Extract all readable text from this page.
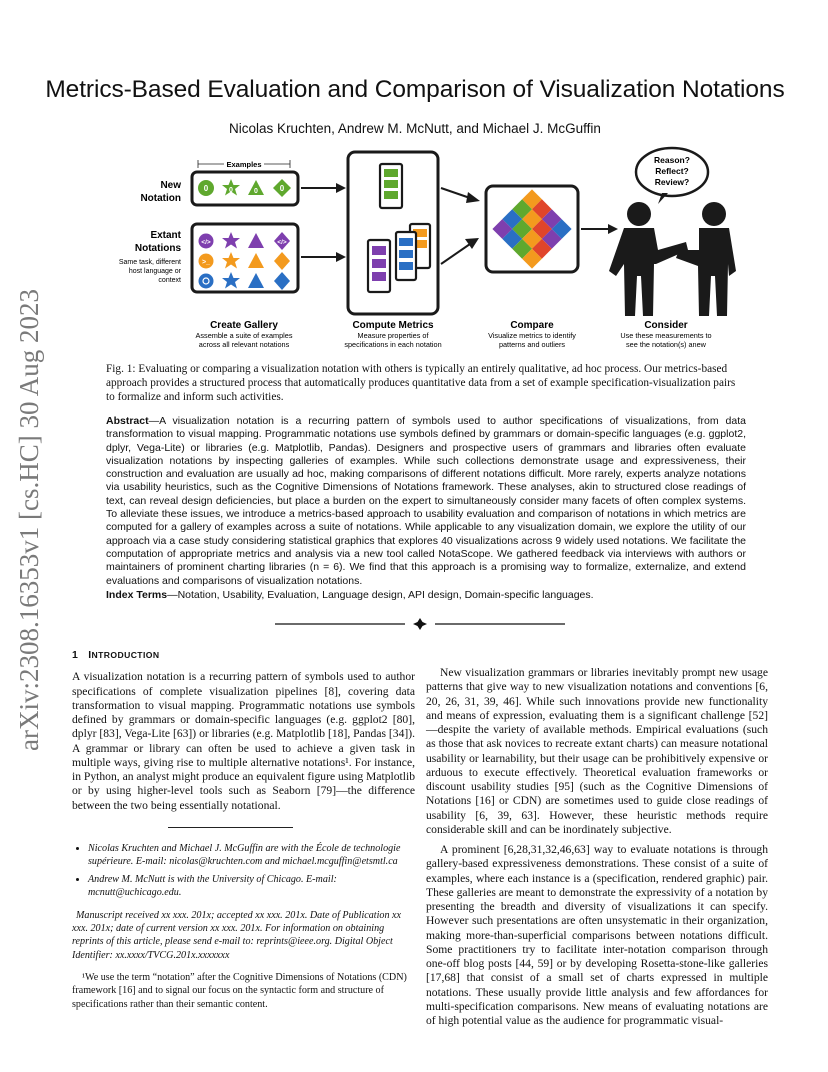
arXiv:2308.16353v1 [cs.HC] 30 Aug 2023
Metrics-Based Evaluation and Comparison of Visualization Notations
Nicolas Kruchten, Andrew M. McNutt, and Michael J. McGuffin
Examples
New
Notation
Extant
Notations
Same task, different
host language or
context
0	0	0	0
</>	</>
>_
Reason?
Reflect?
Review?
Create Gallery
Assemble a suite of examples
across all relevant notations
Compute Metrics
Measure properties of
specifications in each notation
Compare
Visualize metrics to identify
patterns and outliers
Consider
Use these measurements to
see the notation(s) anew
Fig. 1: Evaluating or comparing a visualization notation with others is typically an entirely qualitative, ad hoc process. Our metrics-based approach provides a structured process that automatically produces quantitative data from a set of example specification-visualization pairs to formalize and inform such activities.
Abstract—A visualization notation is a recurring pattern of symbols used to author specifications of visualizations, from data transformation to visual mapping. Programmatic notations use symbols defined by grammars or domain-specific languages (e.g. ggplot2, dplyr, Vega-Lite) or libraries (e.g. Matplotlib, Pandas). Designers and prospective users of grammars and libraries often evaluate visualization notations by inspecting galleries of examples. While such collections demonstrate usage and expressiveness, their construction and evaluation are usually ad hoc, making comparisons of different notations difficult. More rarely, experts analyze notations via usability heuristics, such as the Cognitive Dimensions of Notations framework. These analyses, akin to structured close readings of text, can reveal design deficiencies, but place a burden on the expert to simultaneously consider many facets of often complex systems. To alleviate these issues, we introduce a metrics-based approach to usability evaluation and comparison of notations in which metrics are computed for a gallery of examples across a suite of notations. While applicable to any visualization domain, we explore the utility of our approach via a case study considering statistical graphics that explores 40 visualizations across 9 widely used notations. We facilitate the computation of appropriate metrics and analysis via a new tool called NotaScope. We gathered feedback via interviews with authors or maintainers of prominent charting libraries (n = 6). We find that this approach is a promising way to formalize, externalize, and extend evaluations and comparisons of visualization notations.
Index Terms—Notation, Usability, Evaluation, Language design, API design, Domain-specific languages.
1 INTRODUCTION

A visualization notation is a recurring pattern of symbols used to author specifications of complete visualization pipelines [8], covering data transformation to visual mapping. Programmatic notations use symbols defined by grammars or domain-specific languages (e.g. ggplot2 [80], dplyr [83], Vega-Lite [63]) or libraries (e.g. Matplotlib [18], Pandas [34]). A grammar or library can often be used to achieve a given task in multiple ways, giving rise to multiple alternative notations¹. For instance, in Python, an analyst might produce an equivalent figure using Matplotlib or by using higher-level tools such as Seaborn [79]—the difference between the two being essentially notational.

• Nicolas Kruchten and Michael J. McGuffin are with the École de technologie supérieure. E-mail: nicolas@kruchten.com and michael.mcguffin@etsmtl.ca
• Andrew M. McNutt is with the University of Chicago. E-mail: mcnutt@uchicago.edu.

Manuscript received xx xxx. 201x; accepted xx xxx. 201x. Date of Publication xx xxx. 201x; date of current version xx xxx. 201x. For information on obtaining reprints of this article, please send e-mail to: reprints@ieee.org. Digital Object Identifier: xx.xxxx/TVCG.201x.xxxxxxx

¹We use the term “notation” after the Cognitive Dimensions of Notations (CDN) framework [16] and to signal our focus on the syntactic form and structure of specifications rather than their semantic content.

New visualization grammars or libraries inevitably prompt new usage patterns that give way to new visualization notations and conventions [6, 20, 26, 31, 39, 46]. While such innovations provide new functionality and means of expression, evaluating them is a significant challenge [52]—despite the variety of available methods. Empirical evaluations (such as those that ask novices to recreate extant charts) can measure notational usability or learnability, but their usage can be prohibitively expensive or arduous to execute effectively. Theoretical evaluation frameworks or discount usability studies [95] (such as the Cognitive Dimensions of Notations [16] or CDN) are sometimes used to guide close readings of usability [6, 39, 63]. However, these heuristic methods require considerable skill and can be inordinately subjective.

A prominent [6,28,31,32,46,63] way to evaluate notations is through gallery-based expressiveness demonstrations. These consist of a suite of examples, where each instance is a (specification, rendered graphic) pair. These galleries are meant to demonstrate the expressivity of a notation by presenting the breadth and diversity of visualizations it can specify. However such presentations are often unsystematic in their organization, making more-than-superficial comparisons between notations difficult. Some practitioners try to facilitate inter-notation comparison through one-off blog posts [44, 59] or by developing Rosetta-stone-like galleries [17,68] that consist of a small set of charts expressed in multiple notations. These usually provide little analysis and few affordances for multi-specification comparisons. New means of evaluating notations are of high potential value as the audience for programmatic visual-
